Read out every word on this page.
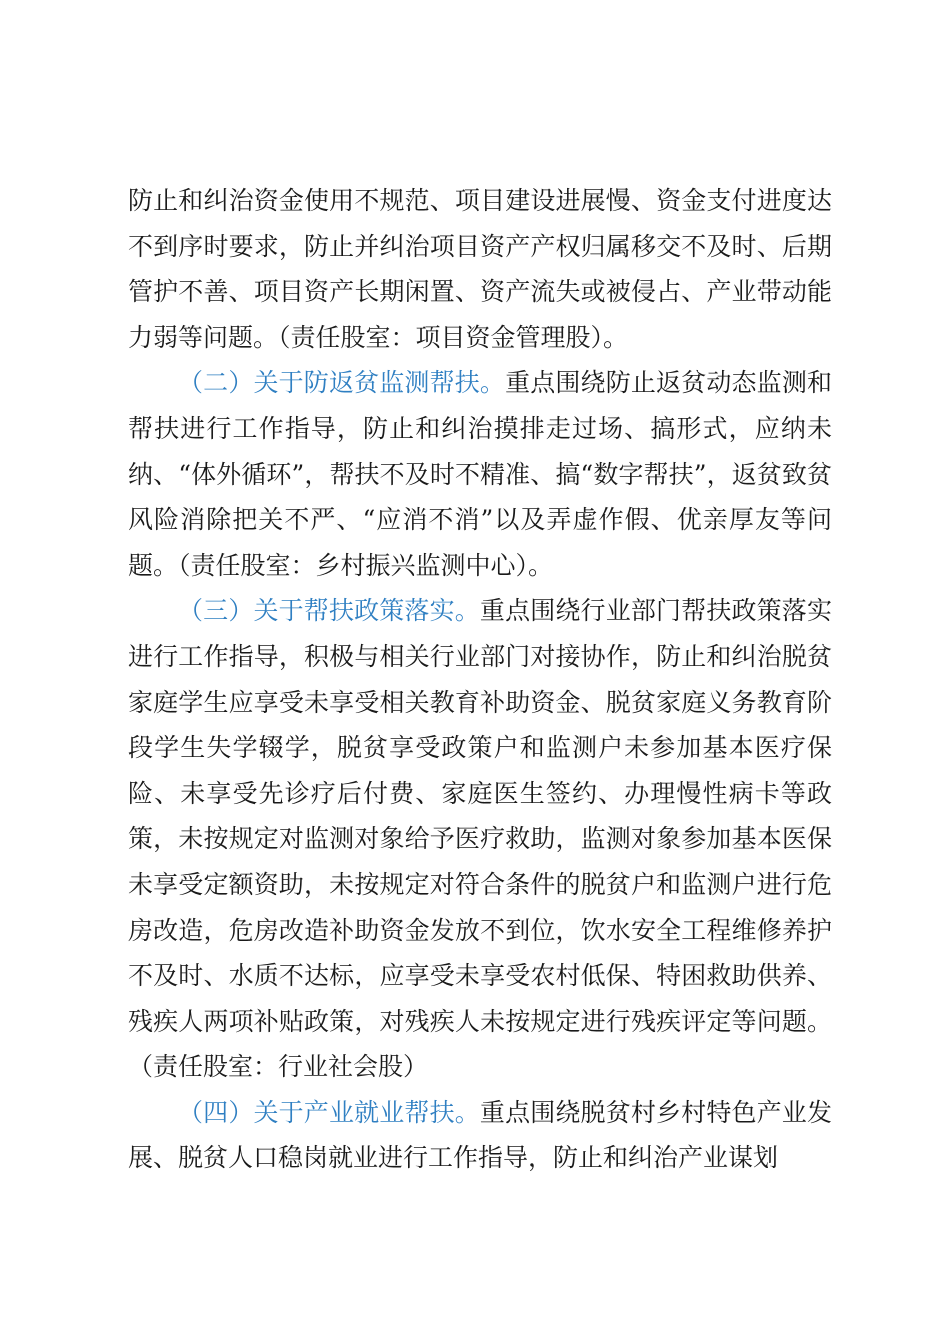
防止和纠治资金使用不规范、项目建设进展慢、资金支付进度达不到序时要求，防止并纠治项目资产产权归属移交不及时、后期管护不善、项目资产长期闲置、资产流失或被侵占、产业带动能力弱等问题。（责任股室：项目资金管理股）。

（二）关于防返贫监测帮扶。重点围绕防止返贫动态监测和帮扶进行工作指导，防止和纠治摸排走过场、搞形式，应纳未纳、“体外循环”，帮扶不及时不精准、搞“数字帮扶”，返贫致贫风险消除把关不严、“应消不消”以及弄虚作假、优亲厚友等问题。（责任股室：乡村振兴监测中心）。

（三）关于帮扶政策落实。重点围绕行业部门帮扶政策落实进行工作指导，积极与相关行业部门对接协作，防止和纠治脱贫家庭学生应享受未享受相关教育补助资金、脱贫家庭义务教育阶段学生失学辍学，脱贫享受政策户和监测户未参加基本医疗保险、未享受先诊疗后付费、家庭医生签约、办理慢性病卡等政策，未按规定对监测对象给予医疗救助，监测对象参加基本医保未享受定额资助，未按规定对符合条件的脱贫户和监测户进行危房改造，危房改造补助资金发放不到位，饮水安全工程维修养护不及时、水质不达标，应享受未享受农村低保、特困救助供养、残疾人两项补贴政策，对残疾人未按规定进行残疾评定等问题。（责任股室：行业社会股）

（四）关于产业就业帮扶。重点围绕脱贫村乡村特色产业发展、脱贫人口稳岗就业进行工作指导，防止和纠治产业谋划
